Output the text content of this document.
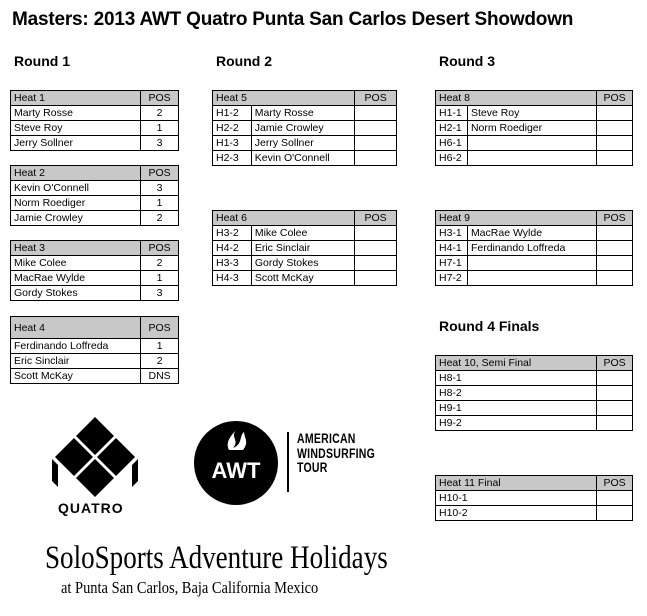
Masters: 2013 AWT Quatro Punta San Carlos Desert Showdown
Round 1	Round 2	Round 3
Round 4 Finals
Heat 1	POS
Marty Rosse	2
Steve Roy	1
Jerry Sollner	3
Heat 2	POS
Kevin O'Connell	3
Norm Roediger	1
Jamie Crowley	2
Heat 3	POS
Mike Colee	2
MacRae Wylde	1
Gordy Stokes	3
Heat 4	POS
Ferdinando Loffreda	1
Eric Sinclair	2
Scott McKay	DNS
Heat 5		POS
H1-2	Marty Rosse	
H2-2	Jamie Crowley	
H1-3	Jerry Sollner	
H2-3	Kevin O'Connell	
Heat 6		POS
H3-2	Mike Colee	
H4-2	Eric Sinclair	
H3-3	Gordy Stokes	
H4-3	Scott McKay	
Heat 8		POS
H1-1	Steve Roy	
H2-1	Norm Roediger	
H6-1		
H6-2		
Heat 9		POS
H3-1	MacRae Wylde	
H4-1	Ferdinando Loffreda	
H7-1		
H7-2		
Heat 10, Semi Final	POS
H8-1	
H8-2	
H9-1	
H9-2	
Heat 11 Final	POS
H10-1	
H10-2	
QUATRO
AWT
AMERICAN
WINDSURFING
TOUR
SoloSports Adventure Holidays
at Punta San Carlos, Baja California Mexico
